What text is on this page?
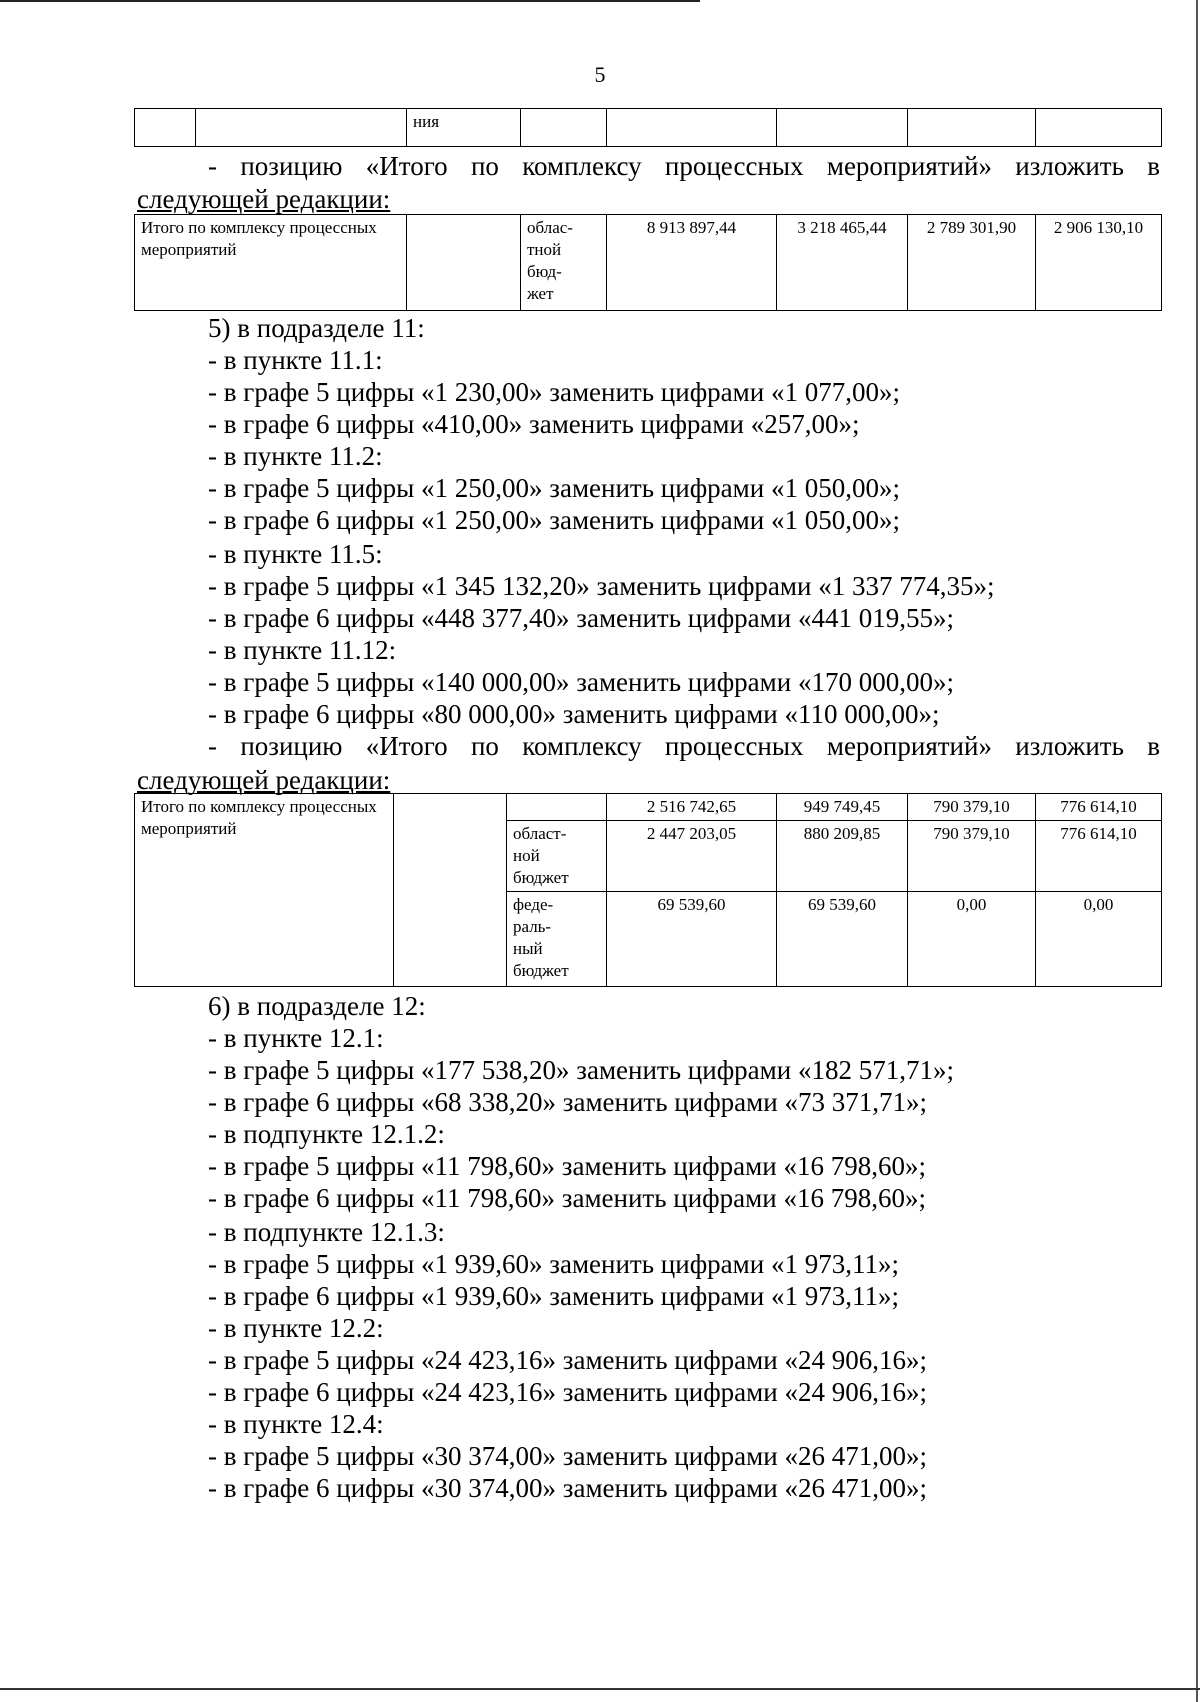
5
		ния					
- позицию «Итого по комплексу процессных мероприятий» изложить в
следующей редакции:
Итого по комплексу процессных мероприятий		облас- тной бюд- жет	8 913 897,44	3 218 465,44	2 789 301,90	2 906 130,10
5) в подразделе 11:
- в пункте 11.1:
- в графе 5 цифры «1 230,00» заменить цифрами «1 077,00»;
- в графе 6 цифры «410,00» заменить цифрами «257,00»;
- в пункте 11.2:
- в графе 5 цифры «1 250,00» заменить цифрами «1 050,00»;
- в графе 6 цифры «1 250,00» заменить цифрами «1 050,00»;
- в пункте 11.5:
- в графе 5 цифры «1 345 132,20» заменить цифрами «1 337 774,35»;
- в графе 6 цифры «448 377,40» заменить цифрами «441 019,55»;
- в пункте 11.12:
- в графе 5 цифры «140 000,00» заменить цифрами «170 000,00»;
- в графе 6 цифры «80 000,00» заменить цифрами «110 000,00»;
- позицию «Итого по комплексу процессных мероприятий» изложить в
следующей редакции:
Итого по комплексу процессных мероприятий			2 516 742,65	949 749,45	790 379,10	776 614,10
		област- ной бюджет	2 447 203,05	880 209,85	790 379,10	776 614,10
		феде- раль- ный бюджет	69 539,60	69 539,60	0,00	0,00
6) в подразделе 12:
- в пункте 12.1:
- в графе 5 цифры «177 538,20» заменить цифрами «182 571,71»;
- в графе 6 цифры «68 338,20» заменить цифрами «73 371,71»;
- в подпункте 12.1.2:
- в графе 5 цифры «11 798,60» заменить цифрами «16 798,60»;
- в графе 6 цифры «11 798,60» заменить цифрами «16 798,60»;
- в подпункте 12.1.3:
- в графе 5 цифры «1 939,60» заменить цифрами «1 973,11»;
- в графе 6 цифры «1 939,60» заменить цифрами «1 973,11»;
- в пункте 12.2:
- в графе 5 цифры «24 423,16» заменить цифрами «24 906,16»;
- в графе 6 цифры «24 423,16» заменить цифрами «24 906,16»;
- в пункте 12.4:
- в графе 5 цифры «30 374,00» заменить цифрами «26 471,00»;
- в графе 6 цифры «30 374,00» заменить цифрами «26 471,00»;
